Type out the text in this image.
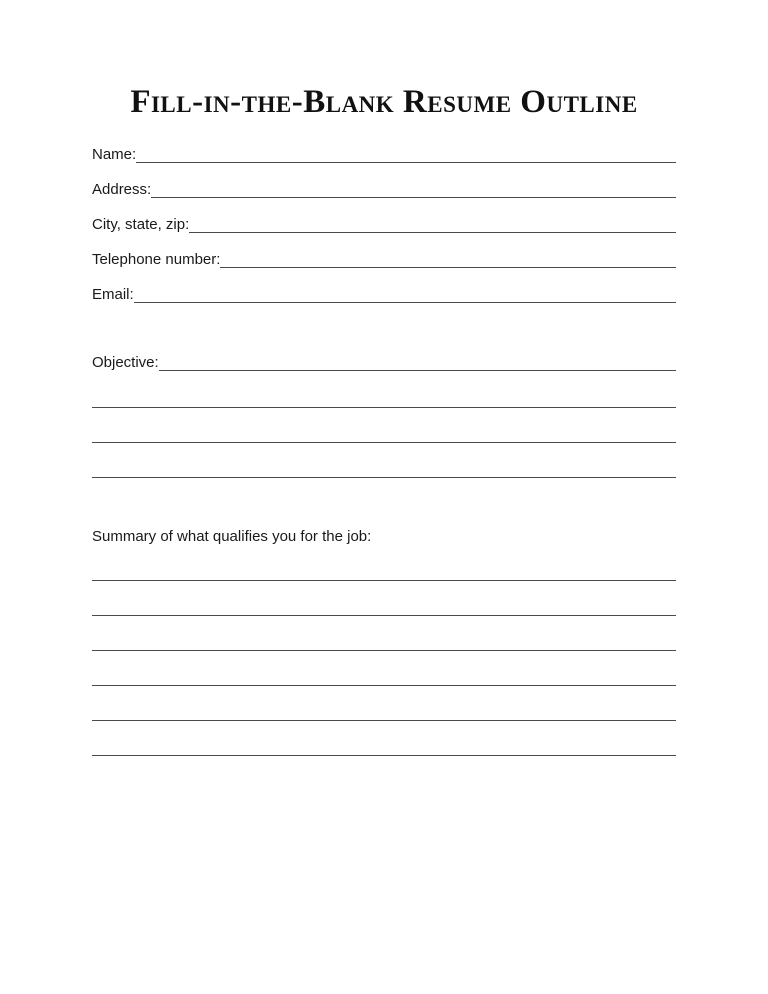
Fill-in-the-Blank Resume Outline
Name:
Address:
City, state, zip:
Telephone number:
Email:
Objective:
Summary of what qualifies you for the job:
